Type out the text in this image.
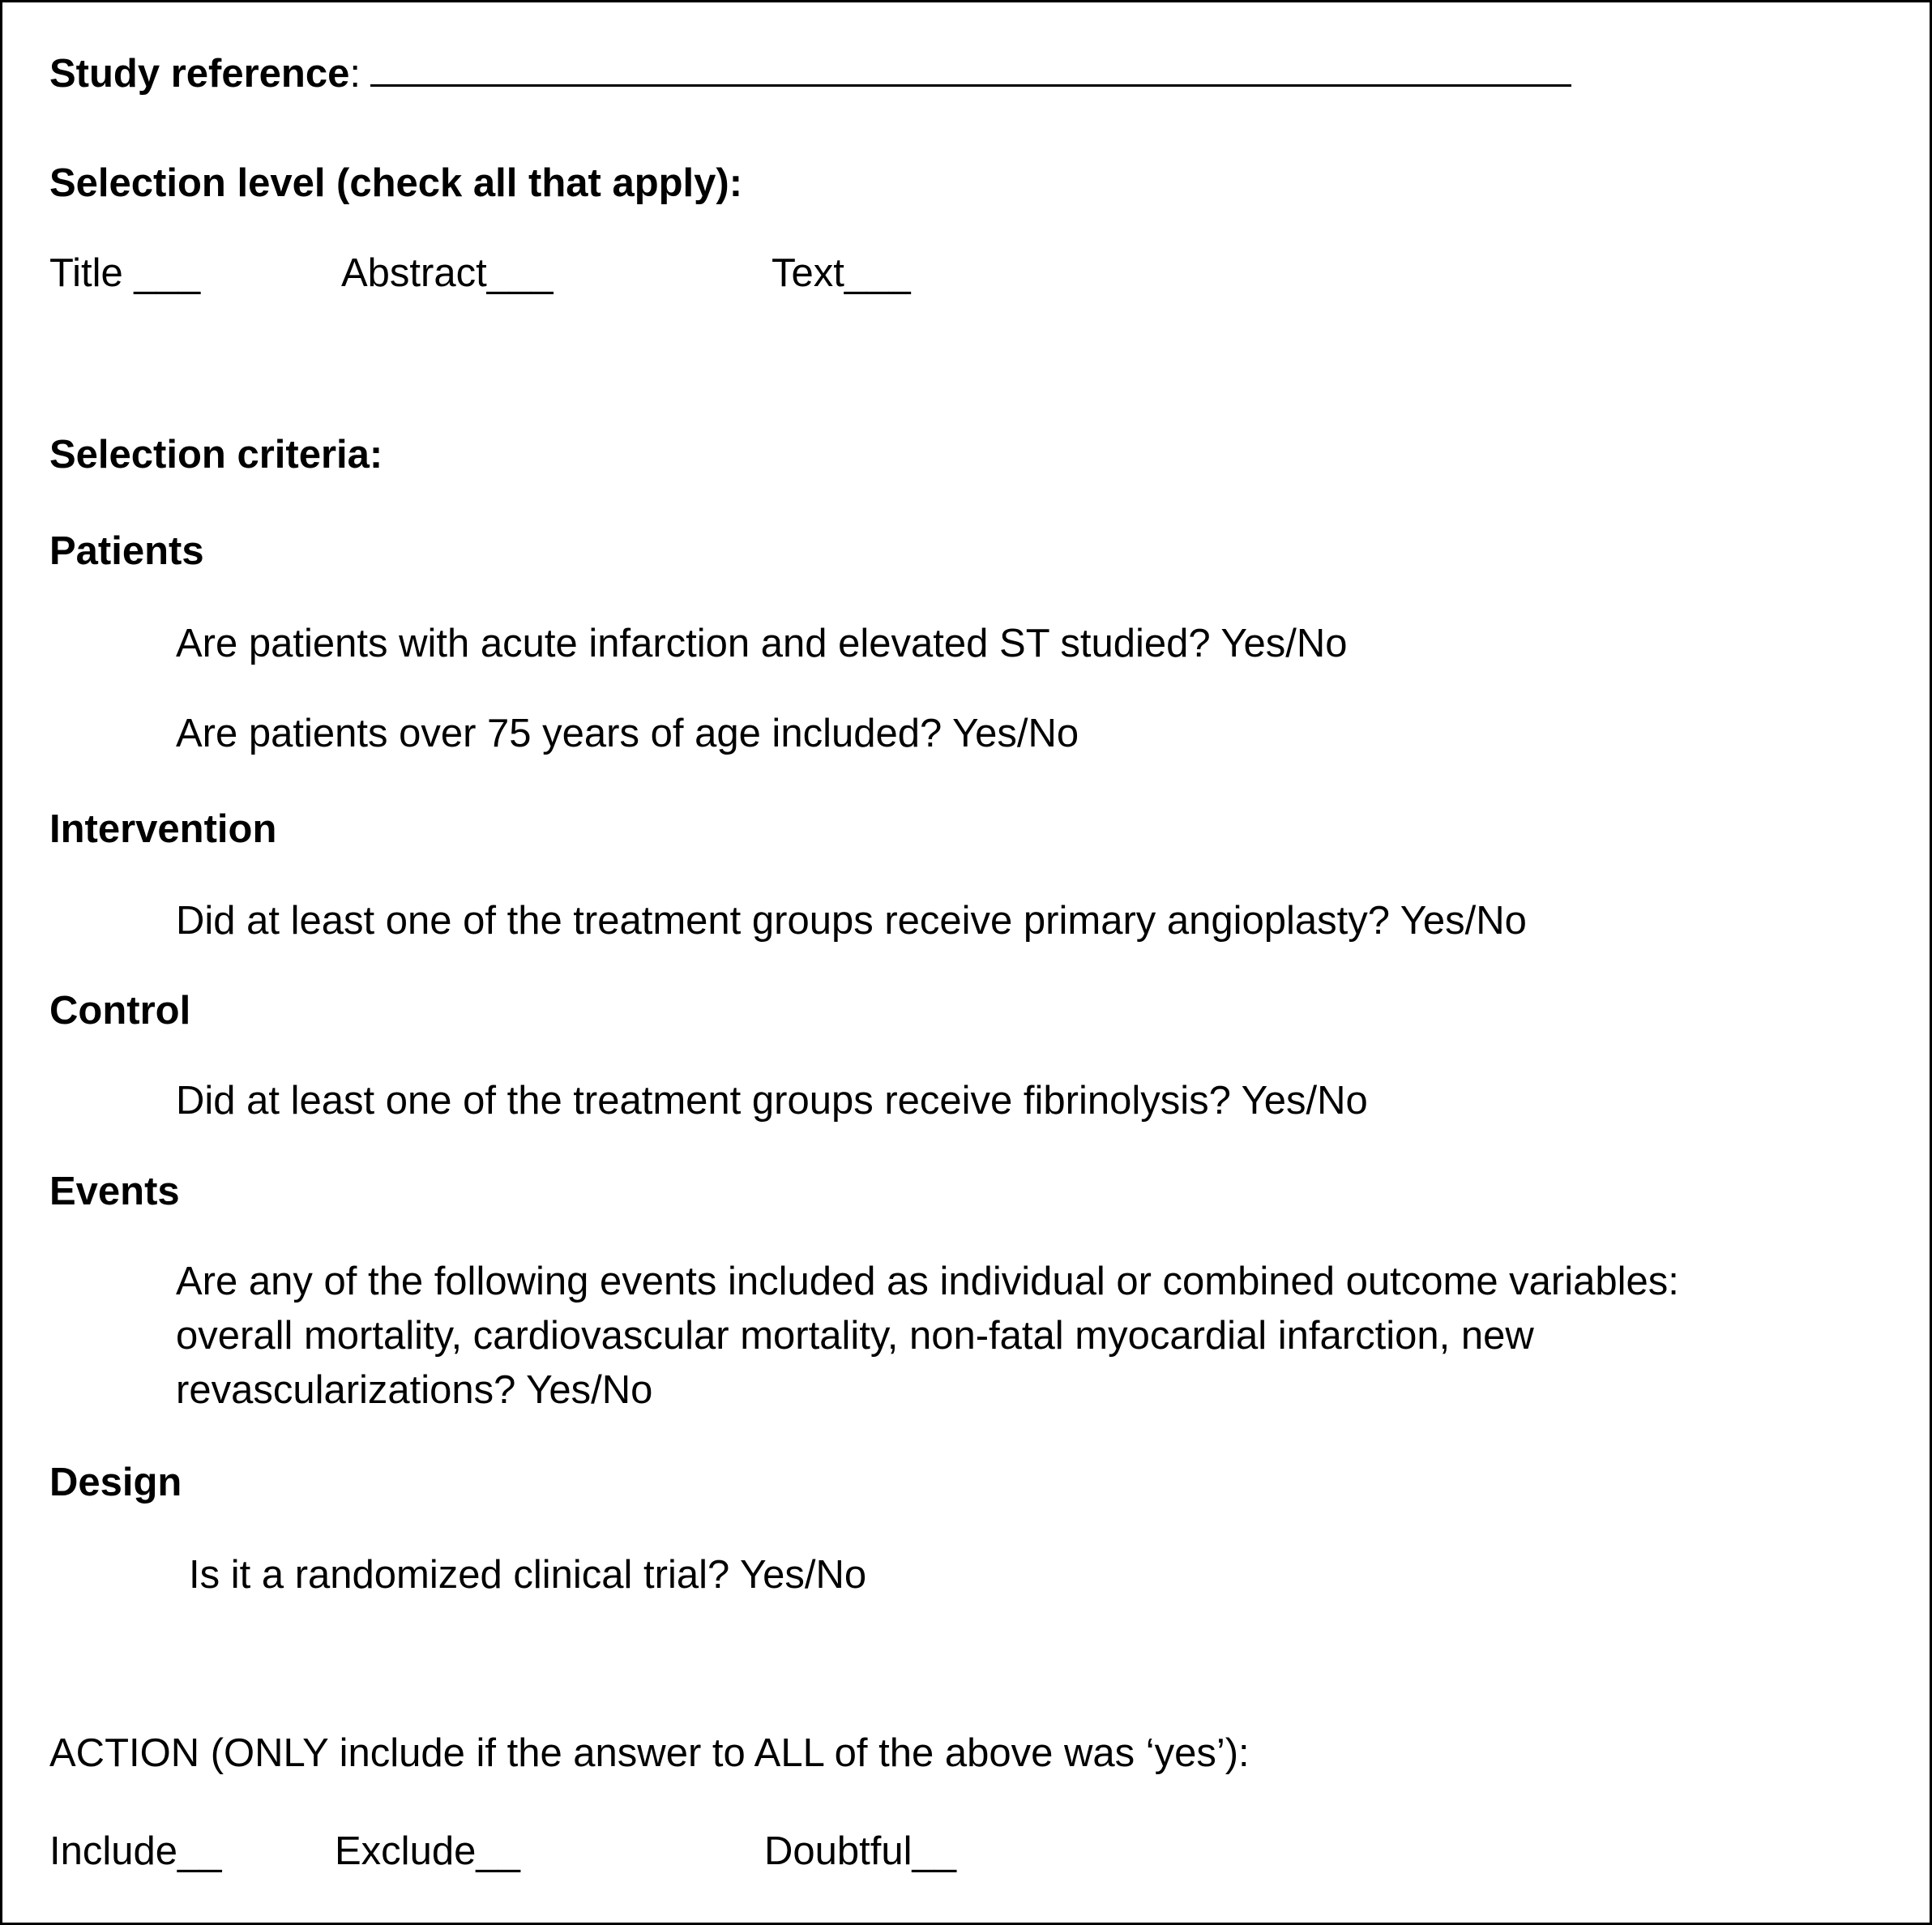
Study reference:
Selection level (check all that apply):
Title ___	Abstract___	Text___
Selection criteria:
Patients
Are patients with acute infarction and elevated ST studied? Yes/No
Are patients over 75 years of age included? Yes/No
Intervention
Did at least one of the treatment groups receive primary angioplasty? Yes/No
Control
Did at least one of the treatment groups receive fibrinolysis? Yes/No
Events
Are any of the following events included as individual or combined outcome variables:
overall mortality, cardiovascular mortality, non-fatal myocardial infarction, new
revascularizations? Yes/No
Design
Is it a randomized clinical trial? Yes/No
ACTION (ONLY include if the answer to ALL of the above was ‘yes’):
Include__	Exclude__	Doubtful__
